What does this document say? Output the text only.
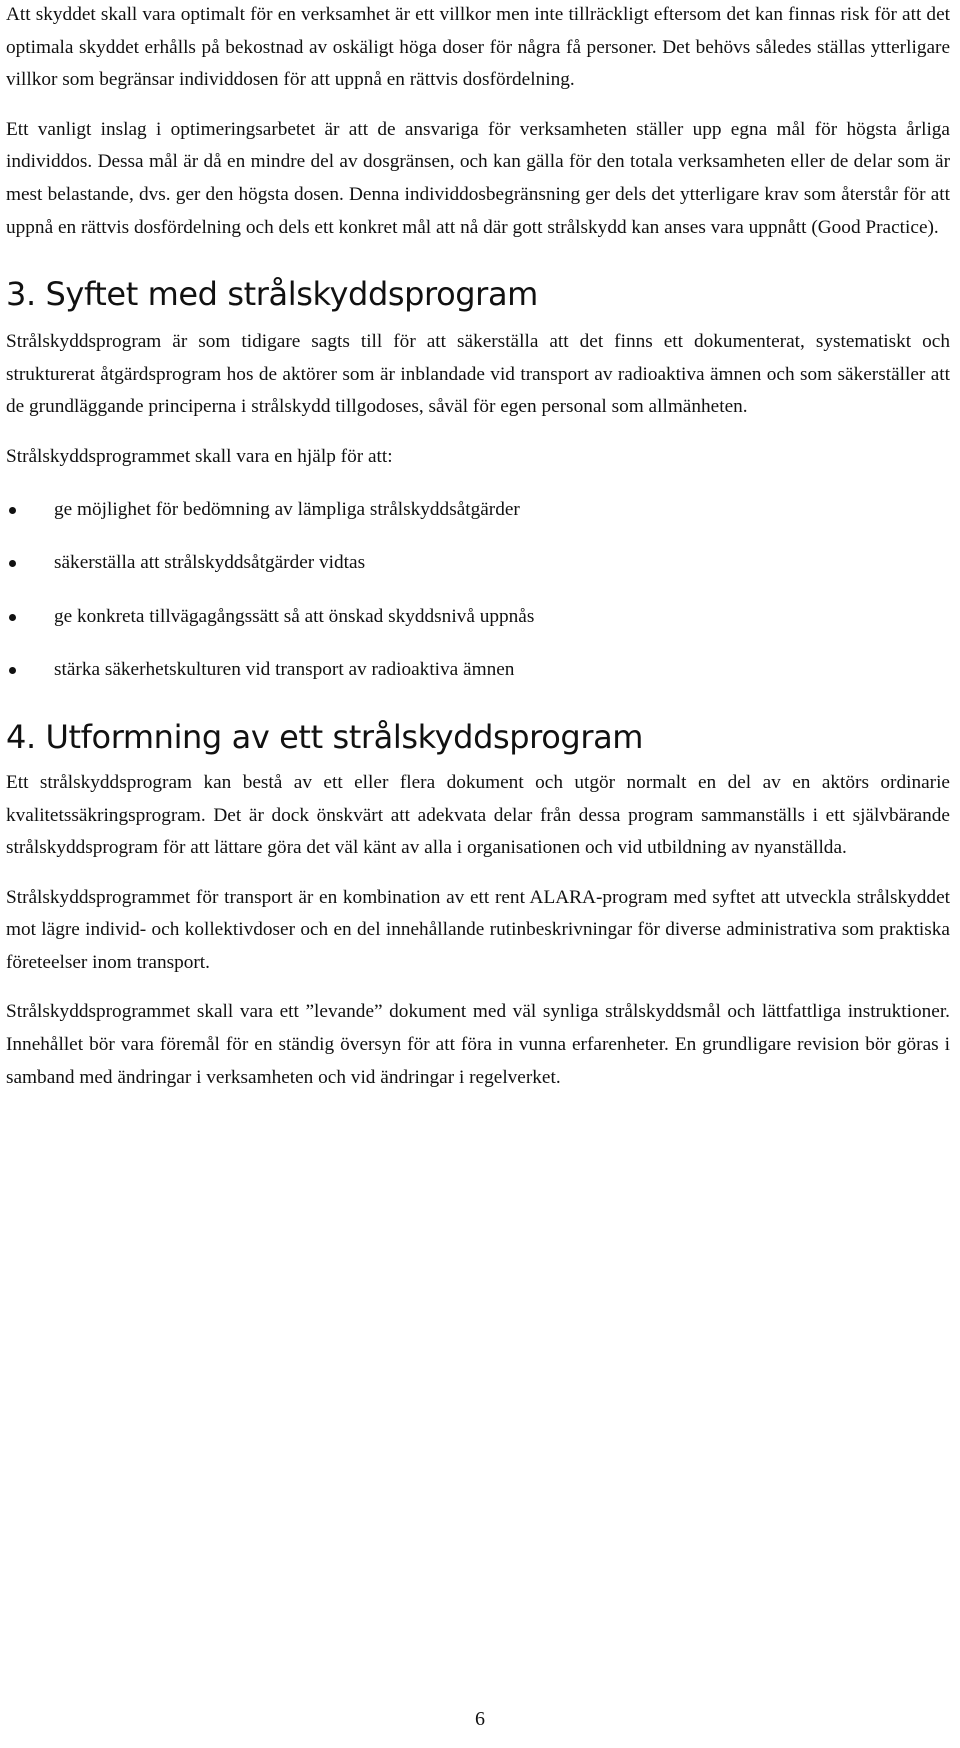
Att skyddet skall vara optimalt för en verksamhet är ett villkor men inte tillräckligt eftersom det kan finnas risk för att det optimala skyddet erhålls på bekostnad av oskäligt höga doser för några få personer. Det behövs således ställas ytterligare villkor som begränsar individdosen för att uppnå en rättvis dosfördelning.

Ett vanligt inslag i optimeringsarbetet är att de ansvariga för verksamheten ställer upp egna mål för högsta årliga individdos. Dessa mål är då en mindre del av dosgränsen, och kan gälla för den totala verksamheten eller de delar som är mest belastande, dvs. ger den högsta dosen. Denna individdosbegränsning ger dels det ytterligare krav som återstår för att uppnå en rättvis dosfördelning och dels ett konkret mål att nå där gott strålskydd kan anses vara uppnått (Good Practice).

3. Syftet med strålskyddsprogram

Strålskyddsprogram är som tidigare sagts till för att säkerställa att det finns ett dokumenterat, systematiskt och strukturerat åtgärdsprogram hos de aktörer som är inblandade vid transport av radioaktiva ämnen och som säkerställer att de grundläggande principerna i strålskydd tillgodoses, såväl för egen personal som allmänheten.

Strålskyddsprogrammet skall vara en hjälp för att:

ge möjlighet för bedömning av lämpliga strålskyddsåtgärder
säkerställa att strålskyddsåtgärder vidtas
ge konkreta tillvägagångssätt så att önskad skyddsnivå uppnås
stärka säkerhetskulturen vid transport av radioaktiva ämnen
4. Utformning av ett strålskyddsprogram

Ett strålskyddsprogram kan bestå av ett eller flera dokument och utgör normalt en del av en aktörs ordinarie kvalitetssäkringsprogram. Det är dock önskvärt att adekvata delar från dessa program sammanställs i ett självbärande strålskyddsprogram för att lättare göra det väl känt av alla i organisationen och vid utbildning av nyanställda.

Strålskyddsprogrammet för transport är en kombination av ett rent ALARA-program med syftet att utveckla strålskyddet mot lägre individ- och kollektivdoser och en del innehållande rutinbeskrivningar för diverse administrativa som praktiska företeelser inom transport.

Strålskyddsprogrammet skall vara ett ”levande” dokument med väl synliga strålskyddsmål och lättfattliga instruktioner. Innehållet bör vara föremål för en ständig översyn för att föra in vunna erfarenheter. En grundligare revision bör göras i samband med ändringar i verksamheten och vid ändringar i regelverket.

6
